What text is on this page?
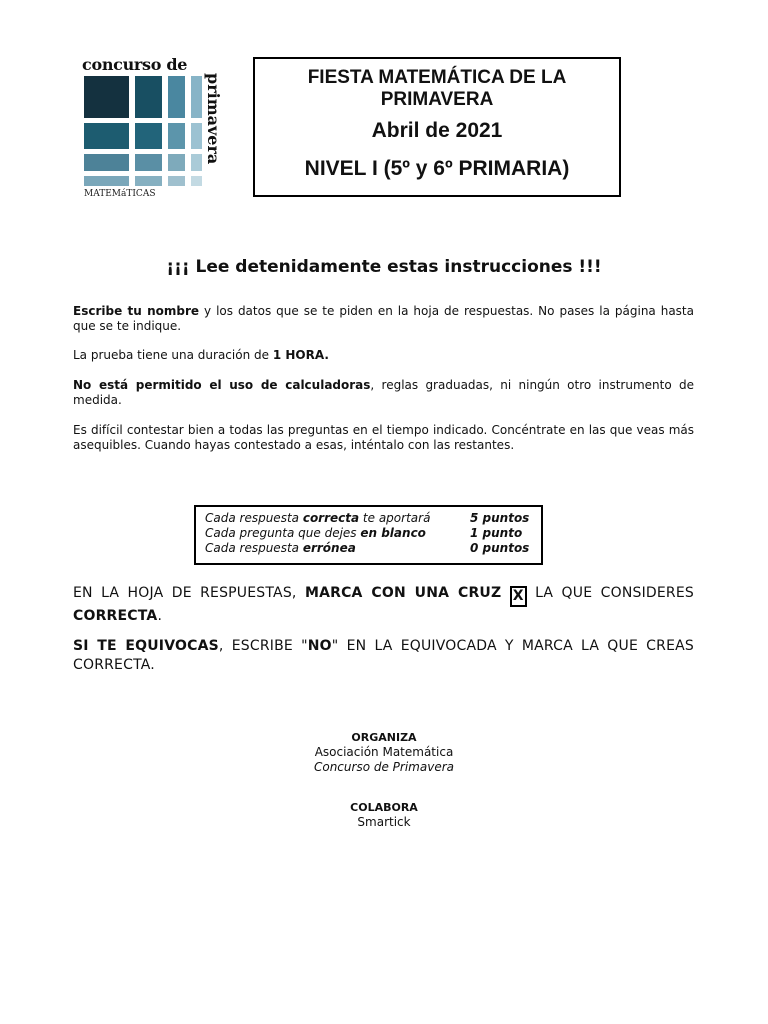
concurso de
primavera
MATEMáTICAS
FIESTA MATEMÁTICA DE LA
PRIMAVERA
Abril de 2021
NIVEL I (5º y 6º PRIMARIA)
¡¡¡ Lee detenidamente estas instrucciones !!!
Escribe tu nombre y los datos que se te piden en la hoja de respuestas. No pases la página hasta que se te indique.
La prueba tiene una duración de 1 HORA.
No está permitido el uso de calculadoras, reglas graduadas, ni ningún otro instrumento de medida.
Es difícil contestar bien a todas las preguntas en el tiempo indicado. Concéntrate en las que veas más asequibles. Cuando hayas contestado a esas, inténtalo con las restantes.
Cada respuesta correcta te aportará	5 puntos
Cada pregunta que dejes en blanco	1 punto
Cada respuesta errónea	0 puntos
EN LA HOJA DE RESPUESTAS, MARCA CON UNA CRUZ X LA QUE CONSIDERES CORRECTA.
SI TE EQUIVOCAS, ESCRIBE "NO" EN LA EQUIVOCADA Y MARCA LA QUE CREAS CORRECTA.
ORGANIZA
Asociación Matemática
Concurso de Primavera
COLABORA
Smartick
